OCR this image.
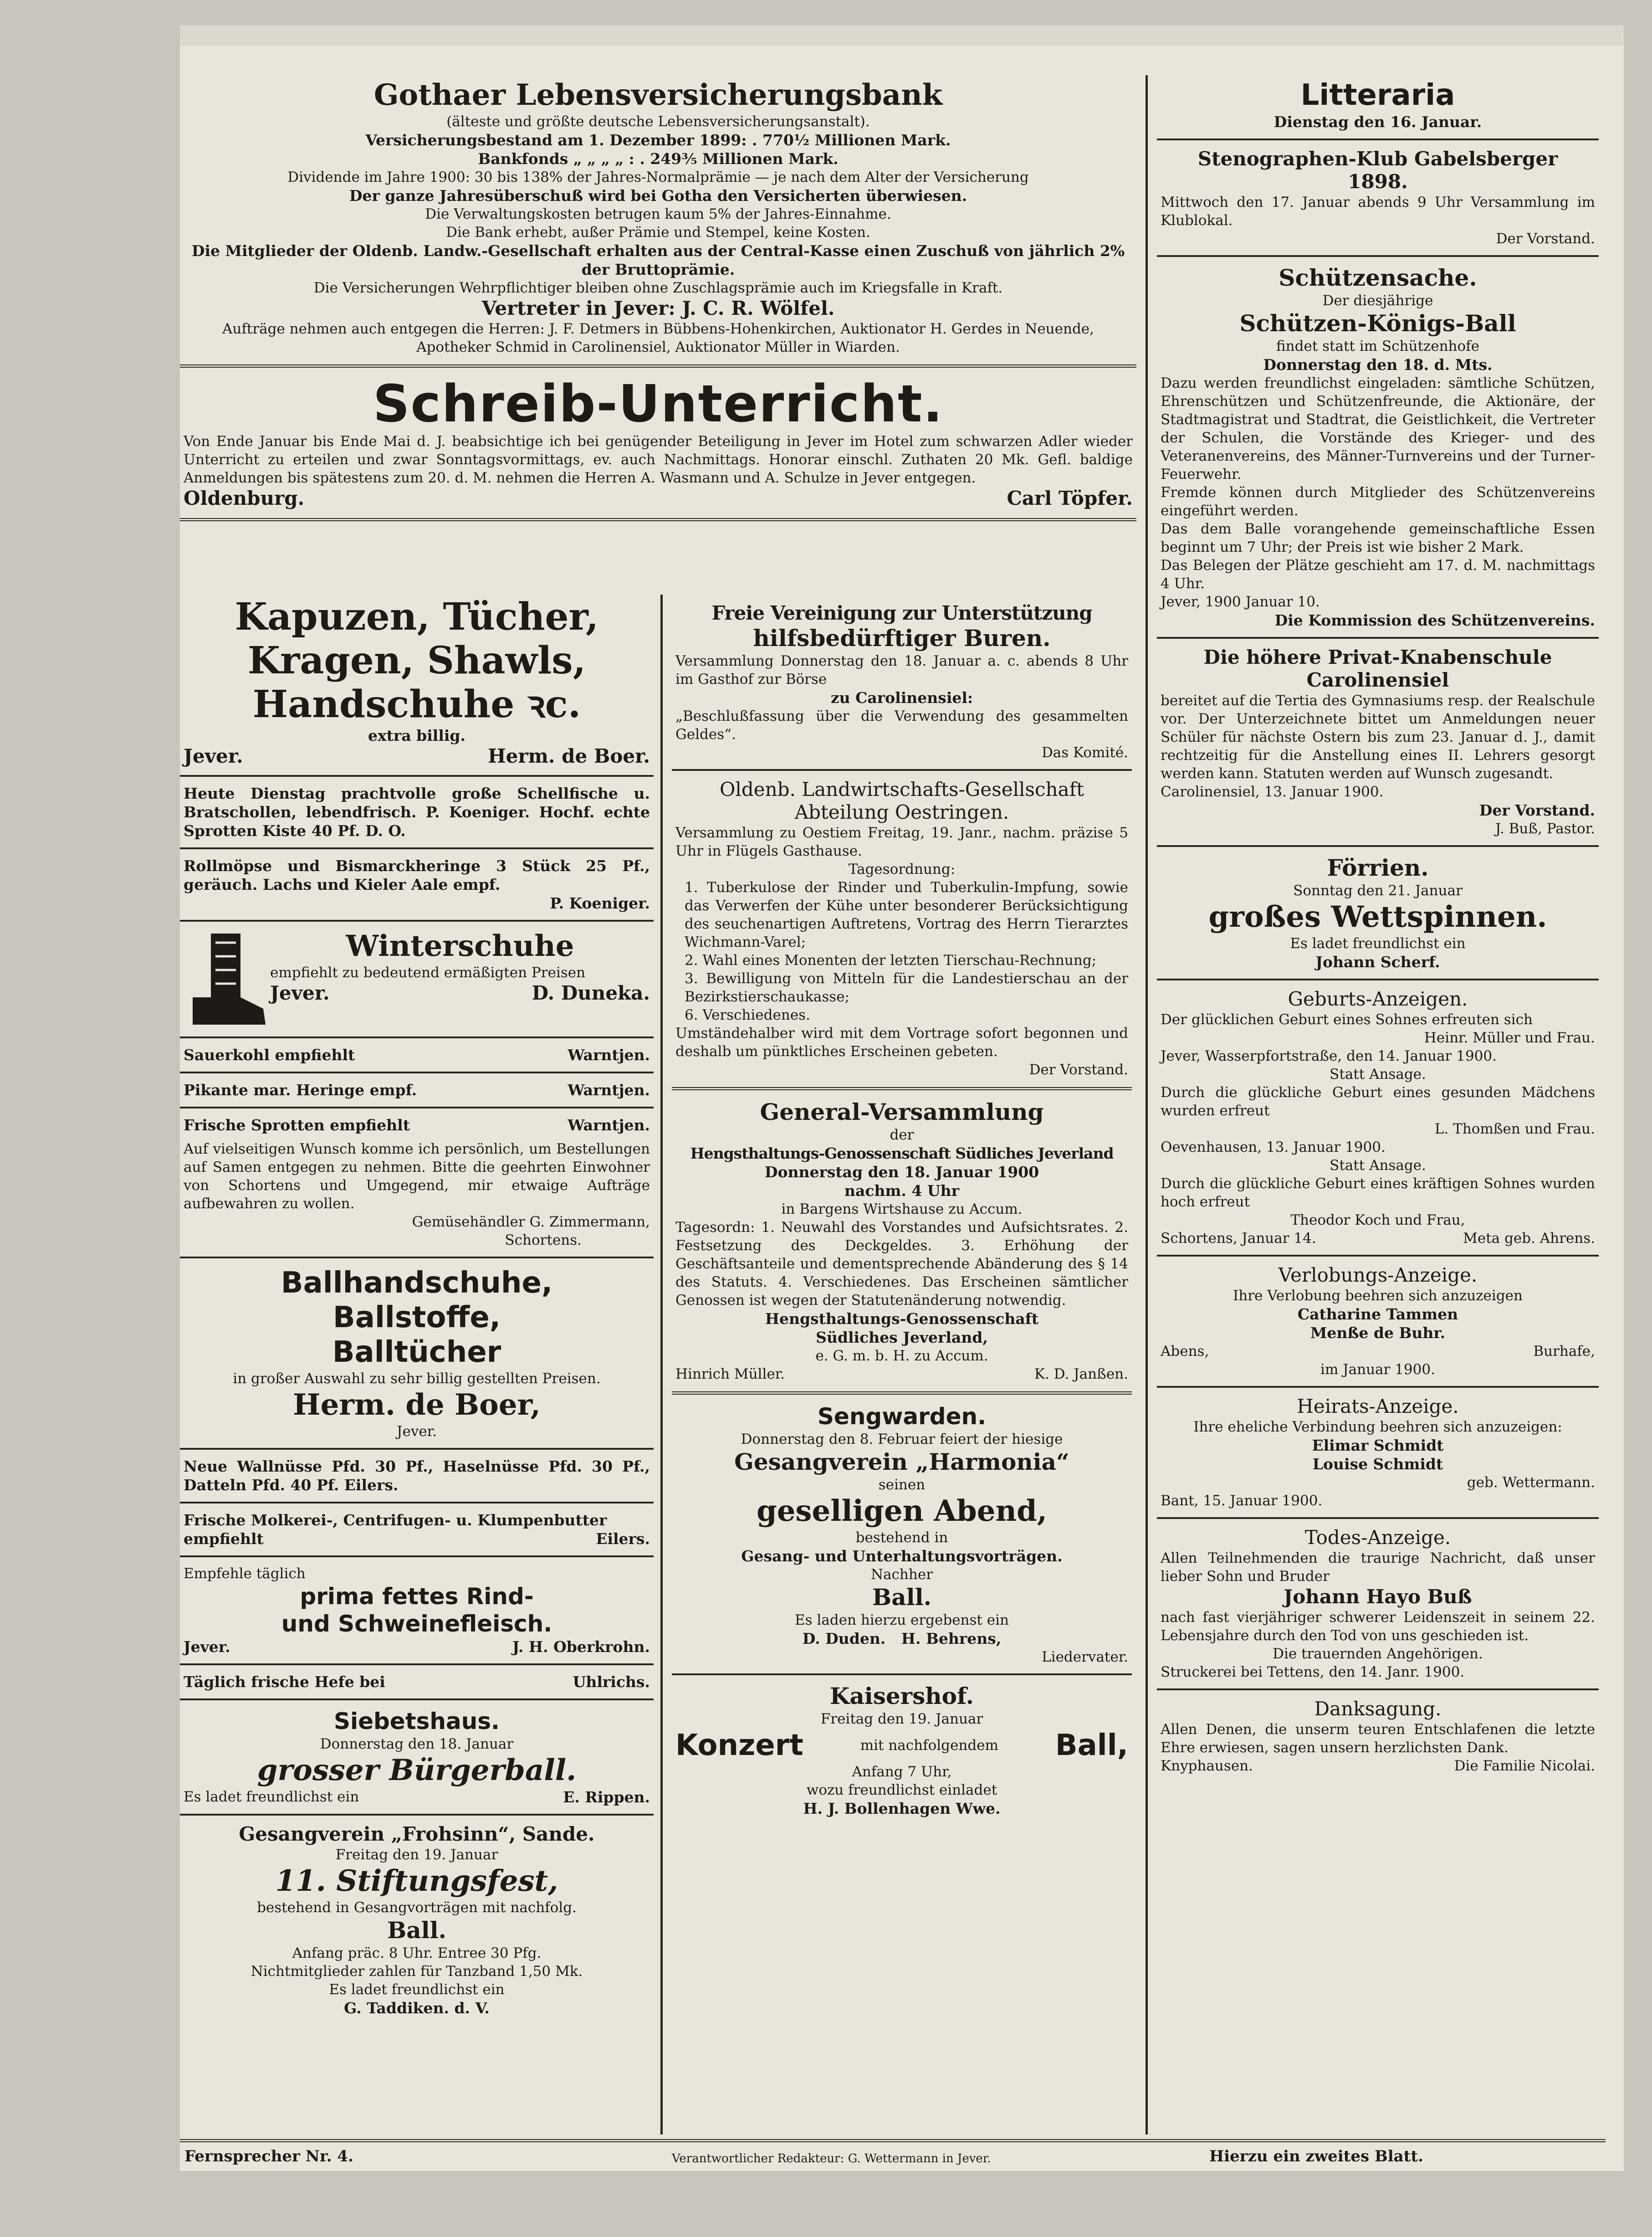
Gothaer Lebensversicherungsbank
(älteste und größte deutsche Lebensversicherungsanstalt).
Versicherungsbestand am 1. Dezember 1899: . 770½ Millionen Mark.
Bankfonds „ „ „ „ : . 249⅗ Millionen Mark.
Dividende im Jahre 1900: 30 bis 138% der Jahres-Normalprämie — je nach dem Alter der Versicherung
Der ganze Jahresüberschuß wird bei Gotha den Versicherten überwiesen.
Die Verwaltungskosten betrugen kaum 5% der Jahres-Einnahme.
Die Bank erhebt, außer Prämie und Stempel, keine Kosten.
Die Mitglieder der Oldenb. Landw.-Gesellschaft erhalten aus der Central-Kasse einen Zuschuß von jährlich 2% der Bruttoprämie.
Die Versicherungen Wehrpflichtiger bleiben ohne Zuschlagsprämie auch im Kriegsfalle in Kraft.
Vertreter in Jever: J. C. R. Wölfel.
Aufträge nehmen auch entgegen die Herren: J. F. Detmers in Bübbens-Hohenkirchen, Auktionator H. Gerdes in Neuende, Apotheker Schmid in Carolinensiel, Auktionator Müller in Wiarden.
Schreib-Unterricht.
Von Ende Januar bis Ende Mai d. J. beabsichtige ich bei genügender Beteiligung in Jever im Hotel zum schwarzen Adler wieder Unterricht zu erteilen und zwar Sonntagsvormittags, ev. auch Nachmittags. Honorar einschl. Zuthaten 20 Mk. Gefl. baldige Anmeldungen bis spätestens zum 20. d. M. nehmen die Herren A. Wasmann und A. Schulze in Jever entgegen.
Oldenburg.	Carl Töpfer.
Kapuzen, Tücher,
Kragen, Shawls,
Handschuhe ꝛc.
extra billig.
Jever.	Herm. de Boer.
Heute Dienstag prachtvolle große Schellfische u. Bratschollen, lebendfrisch. P. Koeniger. Hochf. echte Sprotten Kiste 40 Pf. D. O.
Rollmöpse und Bismarckheringe 3 Stück 25 Pf., geräuch. Lachs und Kieler Aale empf.
P. Koeniger.
Winterschuhe
empfiehlt zu bedeutend ermäßigten Preisen
Jever.	D. Duneka.
Sauerkohl empfiehlt	Warntjen.
Pikante mar. Heringe empf.	Warntjen.
Frische Sprotten empfiehlt	Warntjen.
Auf vielseitigen Wunsch komme ich persönlich, um Bestellungen auf Samen entgegen zu nehmen. Bitte die geehrten Einwohner von Schortens und Umgegend, mir etwaige Aufträge aufbewahren zu wollen.
Gemüsehändler G. Zimmermann,
Schortens.
Ballhandschuhe,
Ballstoffe,
Balltücher
in großer Auswahl zu sehr billig gestellten Preisen.
Herm. de Boer,
Jever.
Neue Wallnüsse Pfd. 30 Pf., Haselnüsse Pfd. 30 Pf., Datteln Pfd. 40 Pf. Eilers.
Frische Molkerei-, Centrifugen- u. Klumpenbutter empfiehlt	Eilers.
Empfehle täglich
prima fettes Rind-
und Schweinefleisch.
Jever.	J. H. Oberkrohn.
Täglich frische Hefe bei	Uhlrichs.
Siebetshaus.
Donnerstag den 18. Januar
grosser Bürgerball.
Es ladet freundlichst ein	E. Rippen.
Gesangverein „Frohsinn“, Sande.
Freitag den 19. Januar
11. Stiftungsfest,
bestehend in Gesangvorträgen mit nachfolg.
Ball.
Anfang präc. 8 Uhr. Entree 30 Pfg.
Nichtmitglieder zahlen für Tanzband 1,50 Mk.
Es ladet freundlichst ein
G. Taddiken. d. V.
Freie Vereinigung zur Unterstützung
hilfsbedürftiger Buren.
Versammlung Donnerstag den 18. Januar a. c. abends 8 Uhr im Gasthof zur Börse
zu Carolinensiel:
„Beschlußfassung über die Verwendung des gesammelten Geldes“.
Das Komité.
Oldenb. Landwirtschafts-Gesellschaft
Abteilung Oestringen.
Versammlung zu Oestiem Freitag, 19. Janr., nachm. präzise 5 Uhr in Flügels Gasthause.
Tagesordnung:
1. Tuberkulose der Rinder und Tuberkulin-Impfung, sowie das Verwerfen der Kühe unter besonderer Berücksichtigung des seuchenartigen Auftretens, Vortrag des Herrn Tierarztes Wichmann-Varel;
2. Wahl eines Monenten der letzten Tierschau-Rechnung;
3. Bewilligung von Mitteln für die Landestierschau an der Bezirkstierschaukasse;
6. Verschiedenes.
Umständehalber wird mit dem Vortrage sofort begonnen und deshalb um pünktliches Erscheinen gebeten.
Der Vorstand.
General-Versammlung
der
Hengsthaltungs-Genossenschaft Südliches Jeverland
Donnerstag den 18. Januar 1900
nachm. 4 Uhr
in Bargens Wirtshause zu Accum.
Tagesordn: 1. Neuwahl des Vorstandes und Aufsichtsrates. 2. Festsetzung des Deckgeldes. 3. Erhöhung der Geschäftsanteile und dementsprechende Abänderung des § 14 des Statuts. 4. Verschiedenes. Das Erscheinen sämtlicher Genossen ist wegen der Statutenänderung notwendig.
Hengsthaltungs-Genossenschaft
Südliches Jeverland,
e. G. m. b. H. zu Accum.
Hinrich Müller.	K. D. Janßen.
Sengwarden.
Donnerstag den 8. Februar feiert der hiesige
Gesangverein „Harmonia“
seinen
geselligen Abend,
bestehend in
Gesang- und Unterhaltungsvorträgen.
Nachher
Ball.
Es laden hierzu ergebenst ein
D. Duden. H. Behrens,
Liedervater.
Kaisershof.
Freitag den 19. Januar
Konzert	mit nachfolgendem Ball,
Anfang 7 Uhr,
wozu freundlichst einladet
H. J. Bollenhagen Wwe.
Litteraria
Dienstag den 16. Januar.
Stenographen-Klub Gabelsberger
1898.
Mittwoch den 17. Januar abends 9 Uhr Versammlung im Klublokal.
Der Vorstand.
Schützensache.
Der diesjährige
Schützen-Königs-Ball
findet statt im Schützenhofe
Donnerstag den 18. d. Mts.
Dazu werden freundlichst eingeladen: sämtliche Schützen, Ehrenschützen und Schützenfreunde, die Aktionäre, der Stadtmagistrat und Stadtrat, die Geistlichkeit, die Vertreter der Schulen, die Vorstände des Krieger- und des Veteranenvereins, des Männer-Turnvereins und der Turner-Feuerwehr.
Fremde können durch Mitglieder des Schützenvereins eingeführt werden.
Das dem Balle vorangehende gemeinschaftliche Essen beginnt um 7 Uhr; der Preis ist wie bisher 2 Mark.
Das Belegen der Plätze geschieht am 17. d. M. nachmittags 4 Uhr.
Jever, 1900 Januar 10.
Die Kommission des Schützenvereins.
Die höhere Privat-Knabenschule
Carolinensiel
bereitet auf die Tertia des Gymnasiums resp. der Realschule vor. Der Unterzeichnete bittet um Anmeldungen neuer Schüler für nächste Ostern bis zum 23. Januar d. J., damit rechtzeitig für die Anstellung eines II. Lehrers gesorgt werden kann. Statuten werden auf Wunsch zugesandt.
Carolinensiel, 13. Januar 1900.
Der Vorstand.
J. Buß, Pastor.
Förrien.
Sonntag den 21. Januar
großes Wettspinnen.
Es ladet freundlichst ein
Johann Scherf.
Geburts-Anzeigen.
Der glücklichen Geburt eines Sohnes erfreuten sich
Heinr. Müller und Frau.
Jever, Wasserpfortstraße, den 14. Januar 1900.
Statt Ansage.
Durch die glückliche Geburt eines gesunden Mädchens wurden erfreut
L. Thomßen und Frau.
Oevenhausen, 13. Januar 1900.
Statt Ansage.
Durch die glückliche Geburt eines kräftigen Sohnes wurden hoch erfreut
Theodor Koch und Frau,
Schortens, Januar 14.	Meta geb. Ahrens.
Verlobungs-Anzeige.
Ihre Verlobung beehren sich anzuzeigen
Catharine Tammen
Menße de Buhr.
Abens,	Burhafe,
im Januar 1900.
Heirats-Anzeige.
Ihre eheliche Verbindung beehren sich anzuzeigen:
Elimar Schmidt
Louise Schmidt
geb. Wettermann.
Bant, 15. Januar 1900.
Todes-Anzeige.
Allen Teilnehmenden die traurige Nachricht, daß unser lieber Sohn und Bruder
Johann Hayo Buß
nach fast vierjähriger schwerer Leidenszeit in seinem 22. Lebensjahre durch den Tod von uns geschieden ist.
Die trauernden Angehörigen.
Struckerei bei Tettens, den 14. Janr. 1900.
Danksagung.
Allen Denen, die unserm teuren Entschlafenen die letzte Ehre erwiesen, sagen unsern herzlichsten Dank.
Knyphausen.	Die Familie Nicolai.
Fernsprecher Nr. 4.	Verantwortlicher Redakteur: G. Wettermann in Jever.	Hierzu ein zweites Blatt.
